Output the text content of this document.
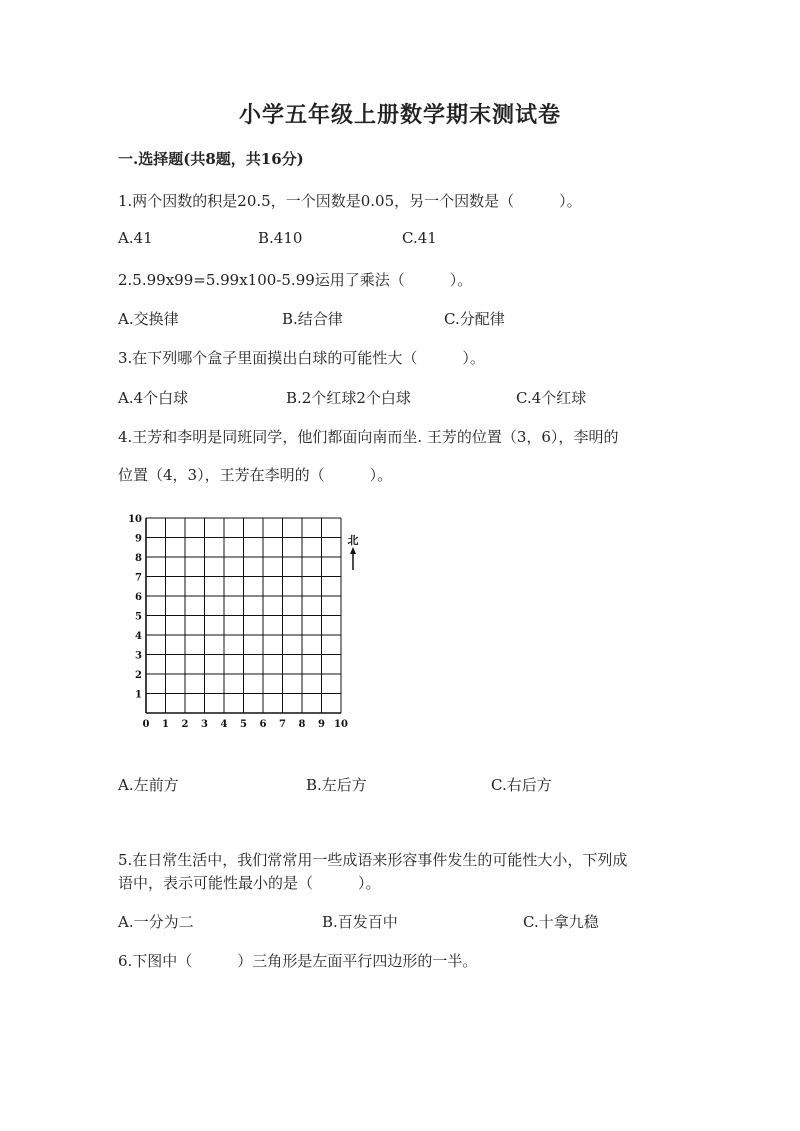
小学五年级上册数学期末测试卷
一.选择题(共8题，共16分)
1.两个因数的积是20.5，一个因数是0.05，另一个因数是（　　　）。
A.41	B.410	C.41
2.5.99x99=5.99x100-5.99运用了乘法（　　　）。
A.交换律	B.结合律	C.分配律
3.在下列哪个盒子里面摸出白球的可能性大（　　　）。
A.4个白球	B.2个红球2个白球	C.4个红球
4.王芳和李明是同班同学，他们都面向南而坐. 王芳的位置（3，6），李明的
位置（4，3），王芳在李明的（　　　）。
0 1 2 3 4 5 6 7 8 9 10
1
2
3
4
5
6
7
8
9
10
北
A.左前方	B.左后方	C.右后方
5.在日常生活中，我们常常用一些成语来形容事件发生的可能性大小，下列成
语中，表示可能性最小的是（　　　）。
A.一分为二	B.百发百中	C.十拿九稳
6.下图中（　　　）三角形是左面平行四边形的一半。
